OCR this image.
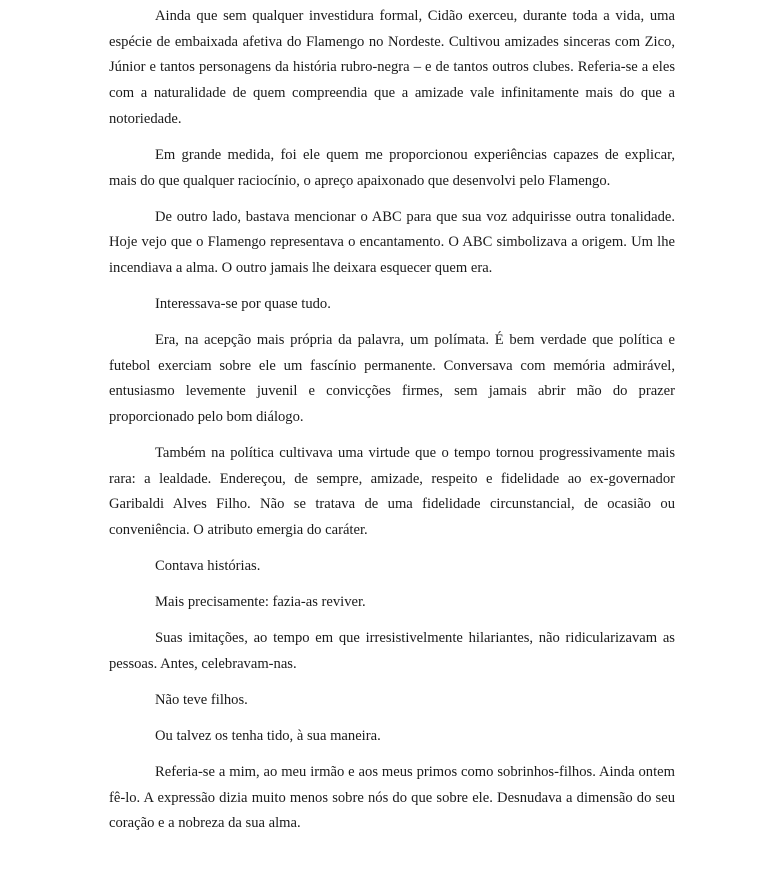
Ainda que sem qualquer investidura formal, Cidão exerceu, durante toda a vida, uma espécie de embaixada afetiva do Flamengo no Nordeste. Cultivou amizades sinceras com Zico, Júnior e tantos personagens da história rubro-negra – e de tantos outros clubes. Referia-se a eles com a naturalidade de quem compreendia que a amizade vale infinitamente mais do que a notoriedade.

Em grande medida, foi ele quem me proporcionou experiências capazes de explicar, mais do que qualquer raciocínio, o apreço apaixonado que desenvolvi pelo Flamengo.

De outro lado, bastava mencionar o ABC para que sua voz adquirisse outra tonalidade. Hoje vejo que o Flamengo representava o encantamento. O ABC simbolizava a origem. Um lhe incendiava a alma. O outro jamais lhe deixara esquecer quem era.

Interessava-se por quase tudo.

Era, na acepção mais própria da palavra, um polímata. É bem verdade que política e futebol exerciam sobre ele um fascínio permanente. Conversava com memória admirável, entusiasmo levemente juvenil e convicções firmes, sem jamais abrir mão do prazer proporcionado pelo bom diálogo.

Também na política cultivava uma virtude que o tempo tornou progressivamente mais rara: a lealdade. Endereçou, de sempre, amizade, respeito e fidelidade ao ex-governador Garibaldi Alves Filho. Não se tratava de uma fidelidade circunstancial, de ocasião ou conveniência. O atributo emergia do caráter.

Contava histórias.

Mais precisamente: fazia-as reviver.

Suas imitações, ao tempo em que irresistivelmente hilariantes, não ridicularizavam as pessoas. Antes, celebravam-nas.

Não teve filhos.

Ou talvez os tenha tido, à sua maneira.

Referia-se a mim, ao meu irmão e aos meus primos como sobrinhos-filhos. Ainda ontem fê-lo. A expressão dizia muito menos sobre nós do que sobre ele. Desnudava a dimensão do seu coração e a nobreza da sua alma.
